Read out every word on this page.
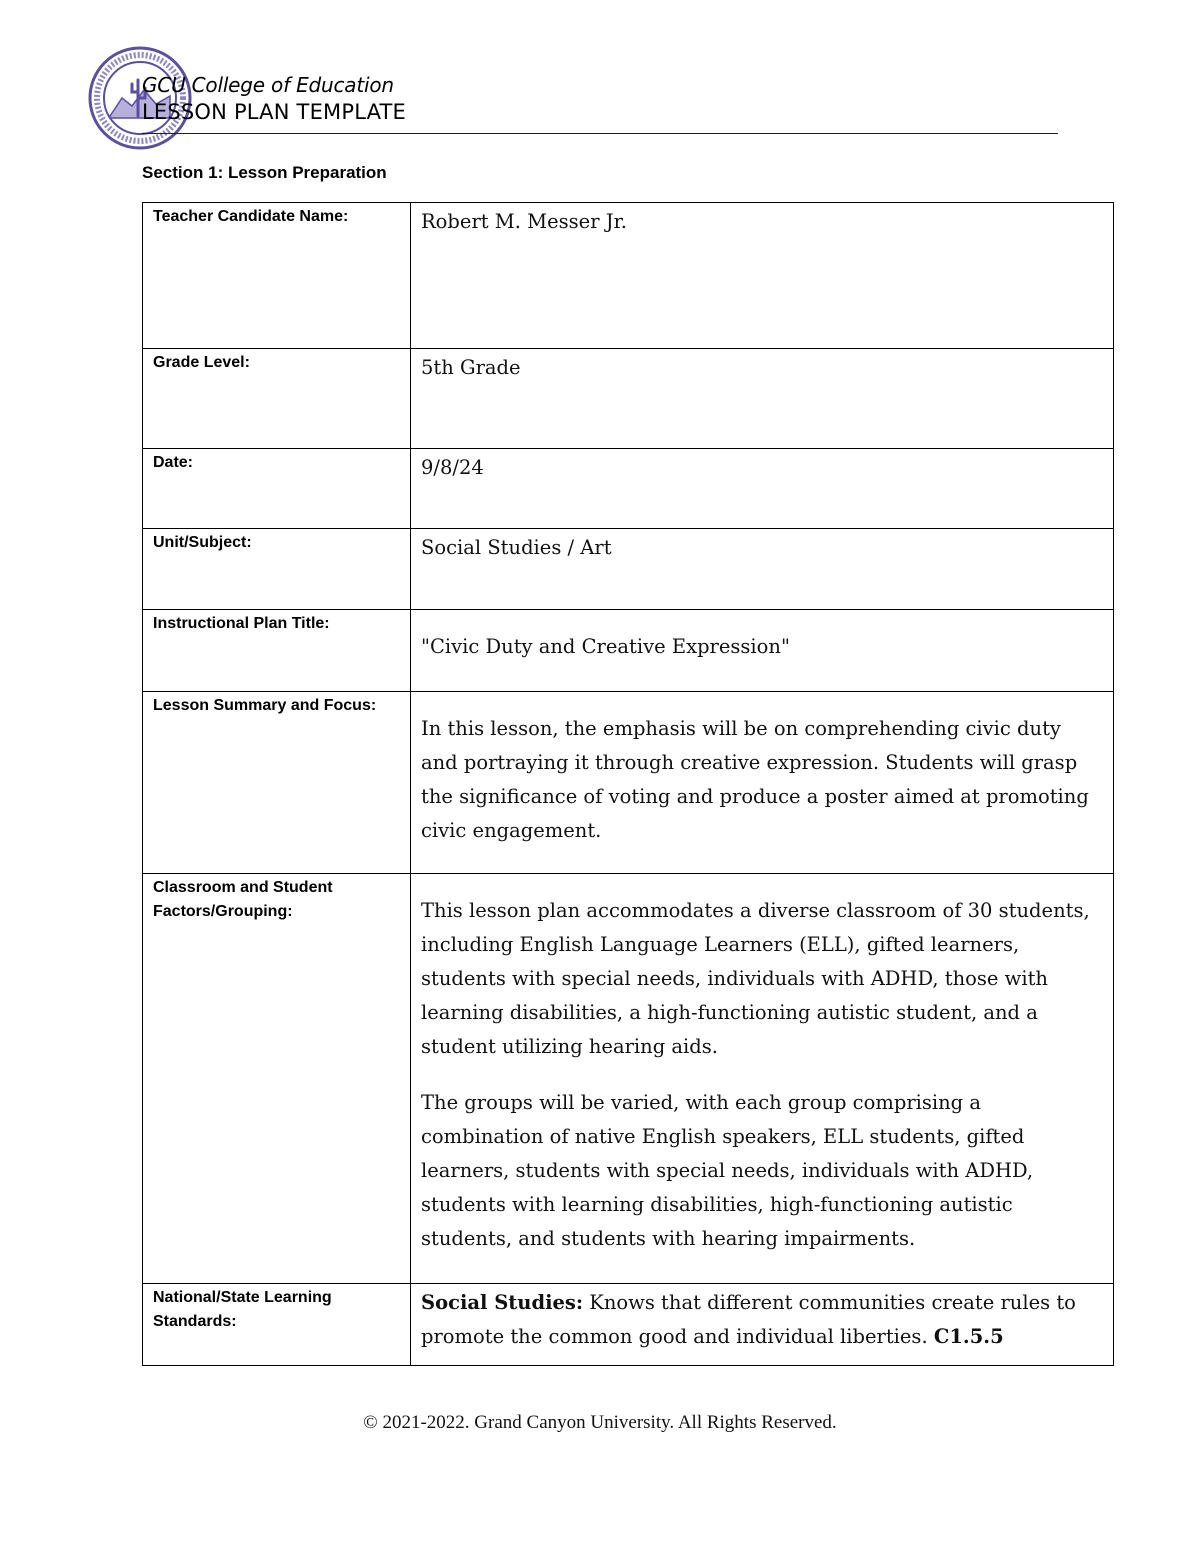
GCU College of Education
LESSON PLAN TEMPLATE
Section 1: Lesson Preparation
Teacher Candidate Name:	Robert M. Messer Jr.
Grade Level:	5th Grade
Date:	9/8/24
Unit/Subject:	Social Studies / Art
Instructional Plan Title:	"Civic Duty and Creative Expression"
Lesson Summary and Focus:	In this lesson, the emphasis will be on comprehending civic duty and portraying it through creative expression. Students will grasp the significance of voting and produce a poster aimed at promoting civic engagement.
Classroom and Student Factors/Grouping:	This lesson plan accommodates a diverse classroom of 30 students, including English Language Learners (ELL), gifted learners, students with special needs, individuals with ADHD, those with learning disabilities, a high-functioning autistic student, and a student utilizing hearing aids.

The groups will be varied, with each group comprising a combination of native English speakers, ELL students, gifted learners, students with special needs, individuals with ADHD, students with learning disabilities, high-functioning autistic students, and students with hearing impairments.

National/State Learning Standards:	Social Studies: Knows that different communities create rules to promote the common good and individual liberties. C1.5.5
© 2021-2022. Grand Canyon University. All Rights Reserved.
